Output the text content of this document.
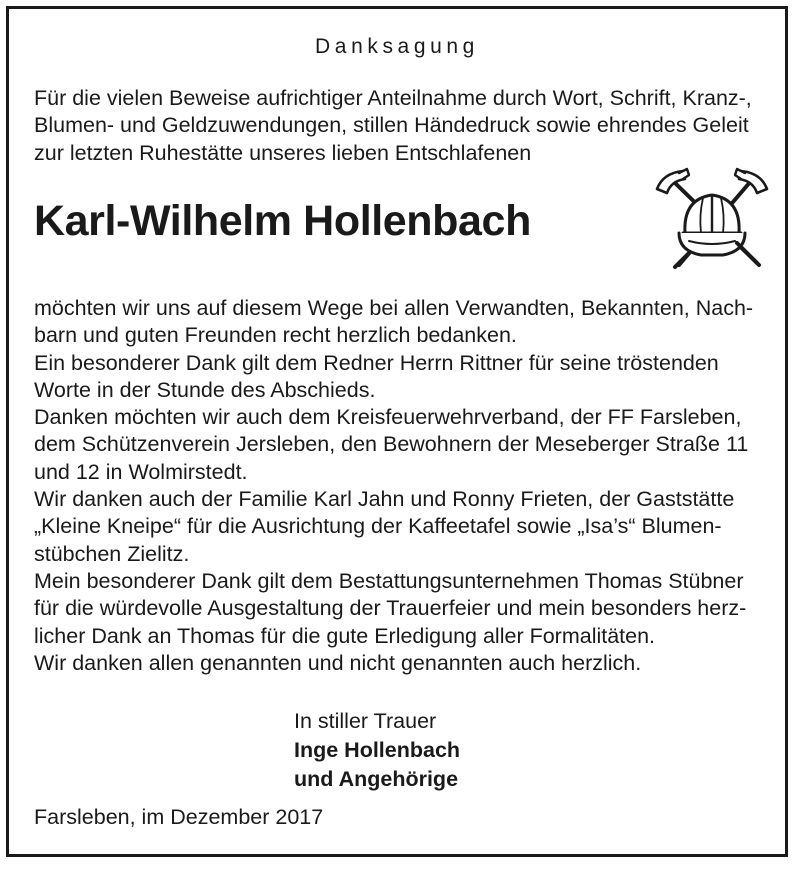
Danksagung
Für die vielen Beweise aufrichtiger Anteilnahme durch Wort, Schrift, Kranz-,
Blumen- und Geldzuwendungen, stillen Händedruck sowie ehrendes Geleit
zur letzten Ruhestätte unseres lieben Entschlafenen
Karl-Wilhelm Hollenbach
möchten wir uns auf diesem Wege bei allen Verwandten, Bekannten, Nach-
barn und guten Freunden recht herzlich bedanken.
Ein besonderer Dank gilt dem Redner Herrn Rittner für seine tröstenden
Worte in der Stunde des Abschieds.
Danken möchten wir auch dem Kreisfeuerwehrverband, der FF Farsleben,
dem Schützenverein Jersleben, den Bewohnern der Meseberger Straße 11
und 12 in Wolmirstedt.
Wir danken auch der Familie Karl Jahn und Ronny Frieten, der Gaststätte
„Kleine Kneipe“ für die Ausrichtung der Kaffeetafel sowie „Isa’s“ Blumen-
stübchen Zielitz.
Mein besonderer Dank gilt dem Bestattungsunternehmen Thomas Stübner
für die würdevolle Ausgestaltung der Trauerfeier und mein besonders herz-
licher Dank an Thomas für die gute Erledigung aller Formalitäten.
Wir danken allen genannten und nicht genannten auch herzlich.
In stiller Trauer
Inge Hollenbach
und Angehörige
Farsleben, im Dezember 2017
